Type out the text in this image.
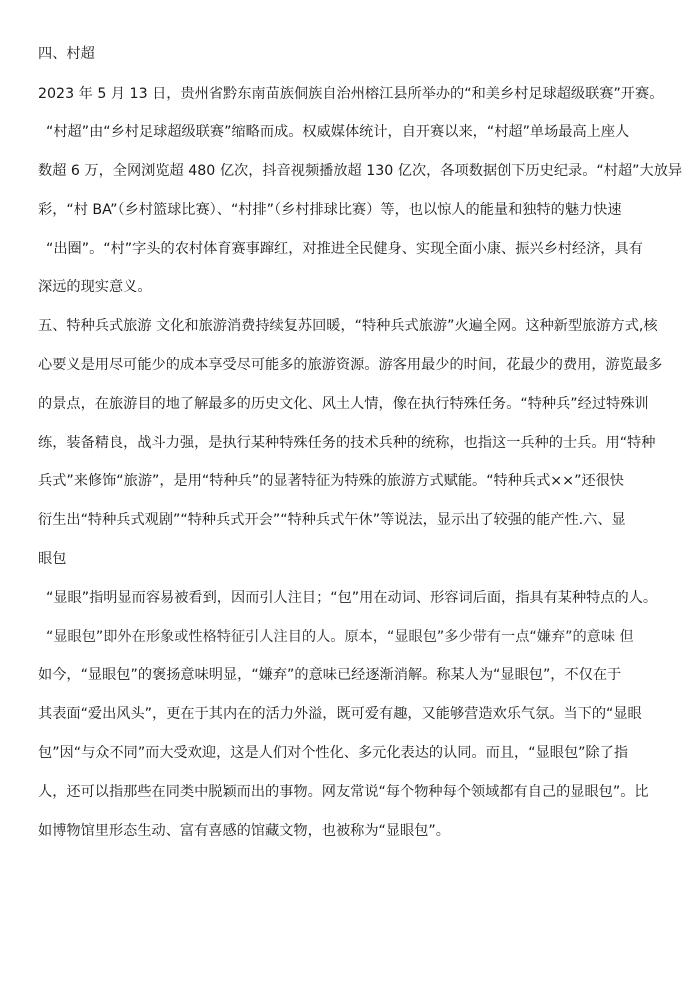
四、村超
2023 年 5 月 13 日，贵州省黔东南苗族侗族自治州榕江县所举办的“和美乡村足球超级联赛”开赛。
“村超”由“乡村足球超级联赛”缩略而成。权威媒体统计，自开赛以来，“村超”单场最高上座人
数超 6 万，全网浏览超 480 亿次，抖音视频播放超 130 亿次，各项数据创下历史纪录。“村超”大放异
彩，“村 BA”（乡村篮球比赛）、“村排”（乡村排球比赛）等，也以惊人的能量和独特的魅力快速
“出圈”。“村”字头的农村体育赛事蹿红，对推进全民健身、实现全面小康、振兴乡村经济，具有
深远的现实意义。
五、特种兵式旅游 文化和旅游消费持续复苏回暖，“特种兵式旅游”火遍全网。这种新型旅游方式,核
心要义是用尽可能少的成本享受尽可能多的旅游资源。游客用最少的时间，花最少的费用，游览最多
的景点，在旅游目的地了解最多的历史文化、风土人情，像在执行特殊任务。“特种兵”经过特殊训
练，装备精良，战斗力强，是执行某种特殊任务的技术兵种的统称，也指这一兵种的士兵。用“特种
兵式”来修饰“旅游”，是用“特种兵”的显著特征为特殊的旅游方式赋能。“特种兵式××”还很快
衍生出“特种兵式观剧”“特种兵式开会”“特种兵式午休”等说法，显示出了较强的能产性.六、显
眼包
“显眼”指明显而容易被看到，因而引人注目；“包”用在动词、形容词后面，指具有某种特点的人。
“显眼包”即外在形象或性格特征引人注目的人。原本，“显眼包”多少带有一点“嫌弃”的意味 但
如今，“显眼包”的褒扬意味明显，“嫌弃”的意味已经逐渐消解。称某人为“显眼包”，不仅在于
其表面“爱出风头”，更在于其内在的活力外溢，既可爱有趣，又能够营造欢乐气氛。当下的“显眼
包”因“与众不同”而大受欢迎，这是人们对个性化、多元化表达的认同。而且，“显眼包”除了指
人，还可以指那些在同类中脱颖而出的事物。网友常说“每个物种每个领域都有自己的显眼包”。比
如博物馆里形态生动、富有喜感的馆藏文物，也被称为“显眼包”。
